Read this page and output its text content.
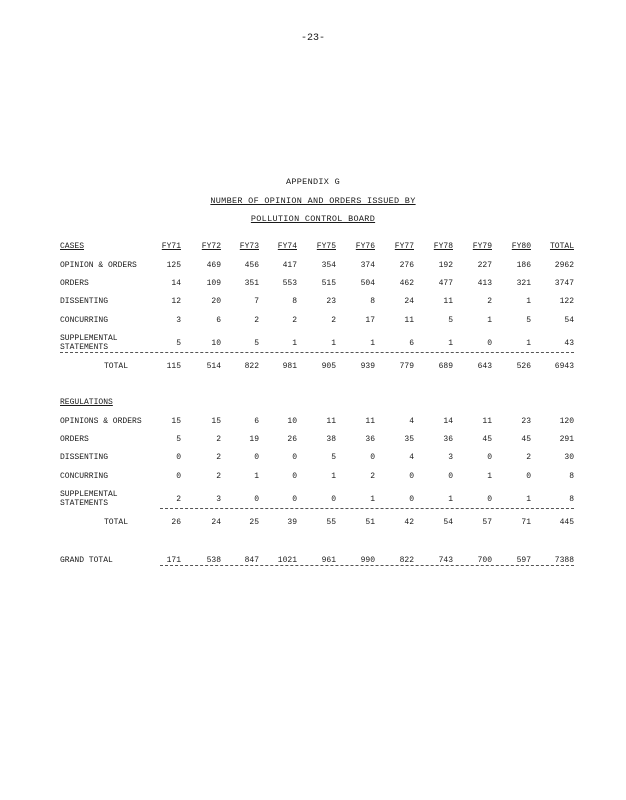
-23-
APPENDIX G
NUMBER OF OPINION AND ORDERS ISSUED BY
POLLUTION CONTROL BOARD
CASES	FY71	FY72	FY73	FY74	FY75	FY76	FY77	FY78	FY79	FY80	TOTAL
OPINION & ORDERS	125	469	456	417	354	374	276	192	227	186	2962
ORDERS	14	109	351	553	515	504	462	477	413	321	3747
DISSENTING	12	20	7	8	23	8	24	11	2	1	122
CONCURRING	3	6	2	2	2	17	11	5	1	5	54
SUPPLEMENTAL
STATEMENTS	5	10	5	1	1	1	6	1	0	1	43
TOTAL	115	514	822	981	905	939	779	689	643	526	6943
REGULATIONS
OPINIONS & ORDERS	15	15	6	10	11	11	4	14	11	23	120
ORDERS	5	2	19	26	38	36	35	36	45	45	291
DISSENTING	0	2	0	0	5	0	4	3	0	2	30
CONCURRING	0	2	1	0	1	2	0	0	1	0	8
SUPPLEMENTAL
STATEMENTS	2	3	0	0	0	1	0	1	0	1	8
TOTAL	26	24	25	39	55	51	42	54	57	71	445
GRAND TOTAL	171	538	847	1021	961	990	822	743	700	597	7388
